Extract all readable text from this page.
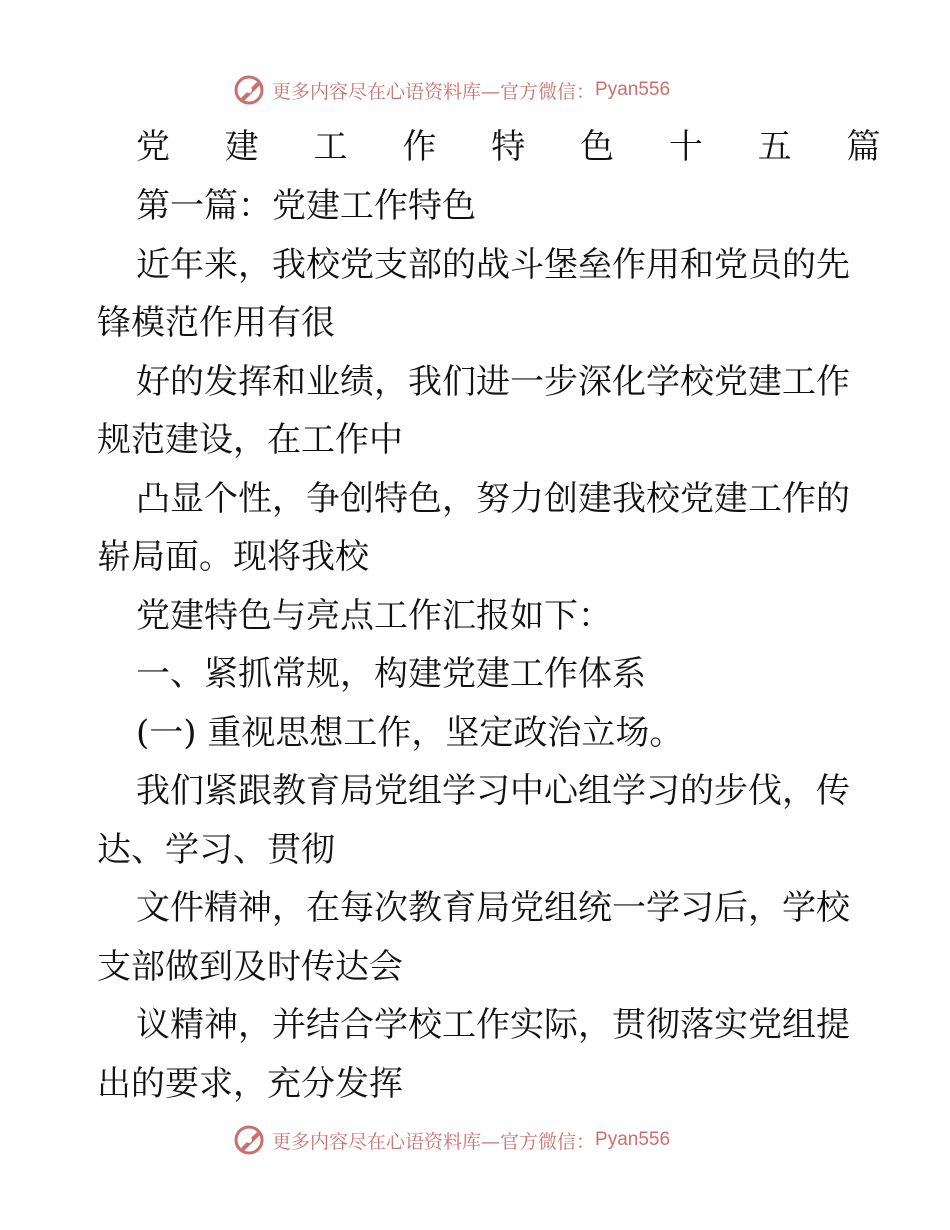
更多内容尽在心语资料库—官方微信： Pyan556
党 建 工 作 特 色 十 五 篇
第一篇：党建工作特色
近年来，我校党支部的战斗堡垒作用和党员的先
锋模范作用有很
好的发挥和业绩，我们进一步深化学校党建工作
规范建设，在工作中
凸显个性，争创特色，努力创建我校党建工作的
崭局面。现将我校
党建特色与亮点工作汇报如下：
一、紧抓常规，构建党建工作体系
(一) 重视思想工作，坚定政治立场。
我们紧跟教育局党组学习中心组学习的步伐，传
达、学习、贯彻
文件精神，在每次教育局党组统一学习后，学校
支部做到及时传达会
议精神，并结合学校工作实际，贯彻落实党组提
出的要求，充分发挥
更多内容尽在心语资料库—官方微信： Pyan556
